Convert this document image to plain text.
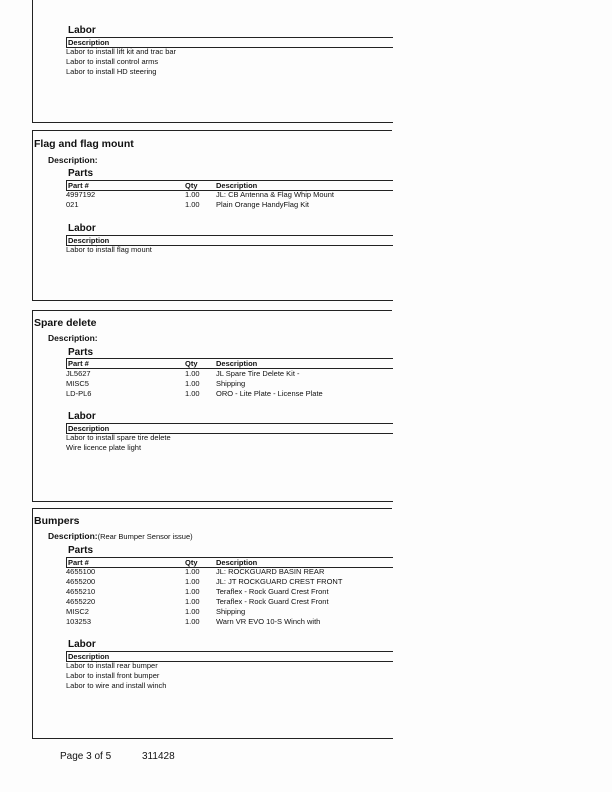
Labor
Description
Labor to install lift kit and trac bar
Labor to install control arms
Labor to install HD steering
Flag and flag mount
Description:
Parts
Part #	Qty Description
4997192	1.00 JL: CB Antenna & Flag Whip Mount
021	1.00 Plain Orange HandyFlag Kit
Labor
Description
Labor to install flag mount
Spare delete
Description:
Parts
Part #	Qty Description
JL5627	1.00 JL Spare Tire Delete Kit -
MISC5	1.00 Shipping
LD-PL6	1.00 ORO - Lite Plate - License Plate
Labor
Description
Labor to install spare tire delete
Wire licence plate light
Bumpers
Description:(Rear Bumper Sensor issue)
Parts
Part #	Qty Description
4655100	1.00 JL: ROCKGUARD BASIN REAR
4655200	1.00 JL: JT ROCKGUARD CREST FRONT
4655210	1.00 Teraflex - Rock Guard Crest Front
4655220	1.00 Teraflex - Rock Guard Crest Front
MISC2	1.00 Shipping
103253	1.00 Warn VR EVO 10-S Winch with
Labor
Description
Labor to install rear bumper
Labor to install front bumper
Labor to wire and install winch
Page 3 of 5	311428
